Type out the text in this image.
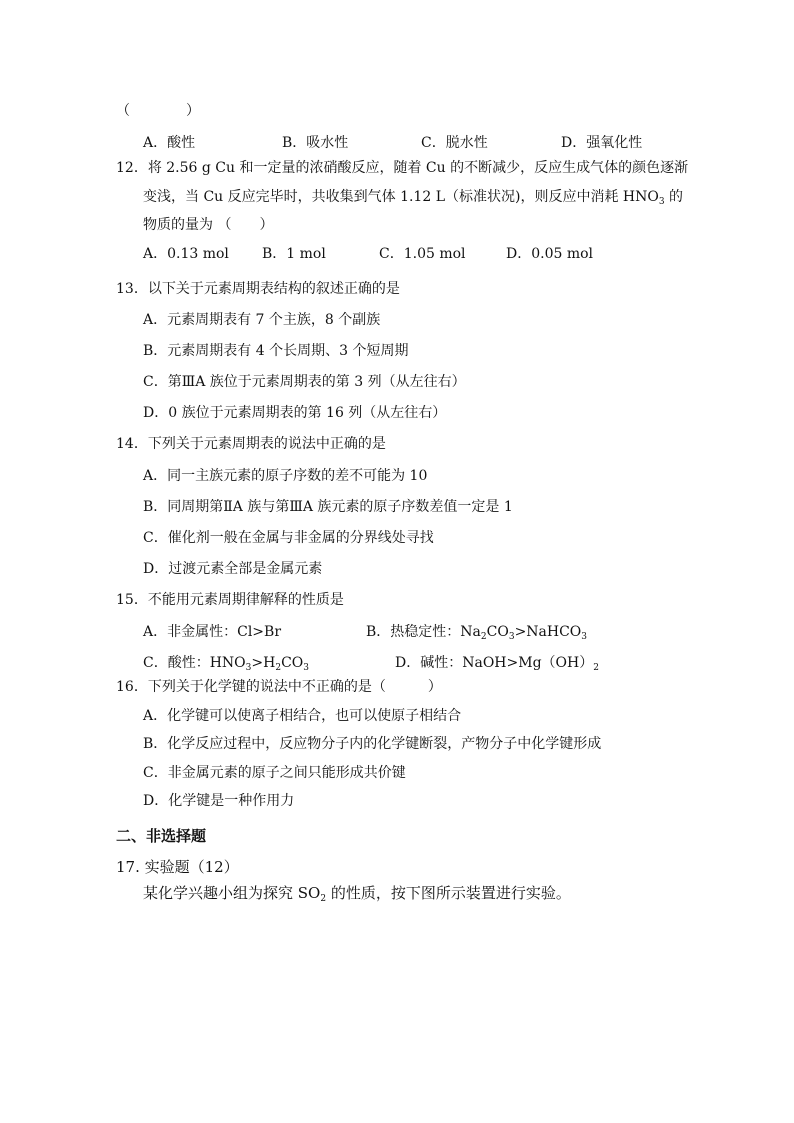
（　　　　）
A．酸性	B．吸水性	C．脱水性	D．强氧化性
12．将 2.56 g Cu 和一定量的浓硝酸反应，随着 Cu 的不断减少，反应生成气体的颜色逐渐
变浅，当 Cu 反应完毕时，共收集到气体 1.12 L（标准状况)，则反应中消耗 $HNO_3$ 的
物质的量为 （　　）
A．0.13 mol B．1 mol	C．1.05 mol	D．0.05 mol
13．以下关于元素周期表结构的叙述正确的是
A．元素周期表有 7 个主族，8 个副族
B．元素周期表有 4 个长周期、3 个短周期
C．第ⅢA 族位于元素周期表的第 3 列（从左往右）
D．0 族位于元素周期表的第 16 列（从左往右）
14．下列关于元素周期表的说法中正确的是
A．同一主族元素的原子序数的差不可能为 10
B．同周期第ⅡA 族与第ⅢA 族元素的原子序数差值一定是 1
C．催化剂一般在金属与非金属的分界线处寻找
D．过渡元素全部是金属元素
15．不能用元素周期律解释的性质是
A．非金属性：Cl>Br	B．热稳定性：$Na_2CO_3>NaHCO_3$
C．酸性：$HNO_3>H_2CO_3$	D．碱性：$NaOH>Mg(OH)_2$
16．下列关于化学键的说法中不正确的是（　　　）
A．化学键可以使离子相结合，也可以使原子相结合
B．化学反应过程中，反应物分子内的化学键断裂，产物分子中化学键形成
C．非金属元素的原子之间只能形成共价键
D．化学键是一种作用力
二、非选择题
17. 实验题（12）
某化学兴趣小组为探究 $SO_2$ 的性质，按下图所示装置进行实验。
